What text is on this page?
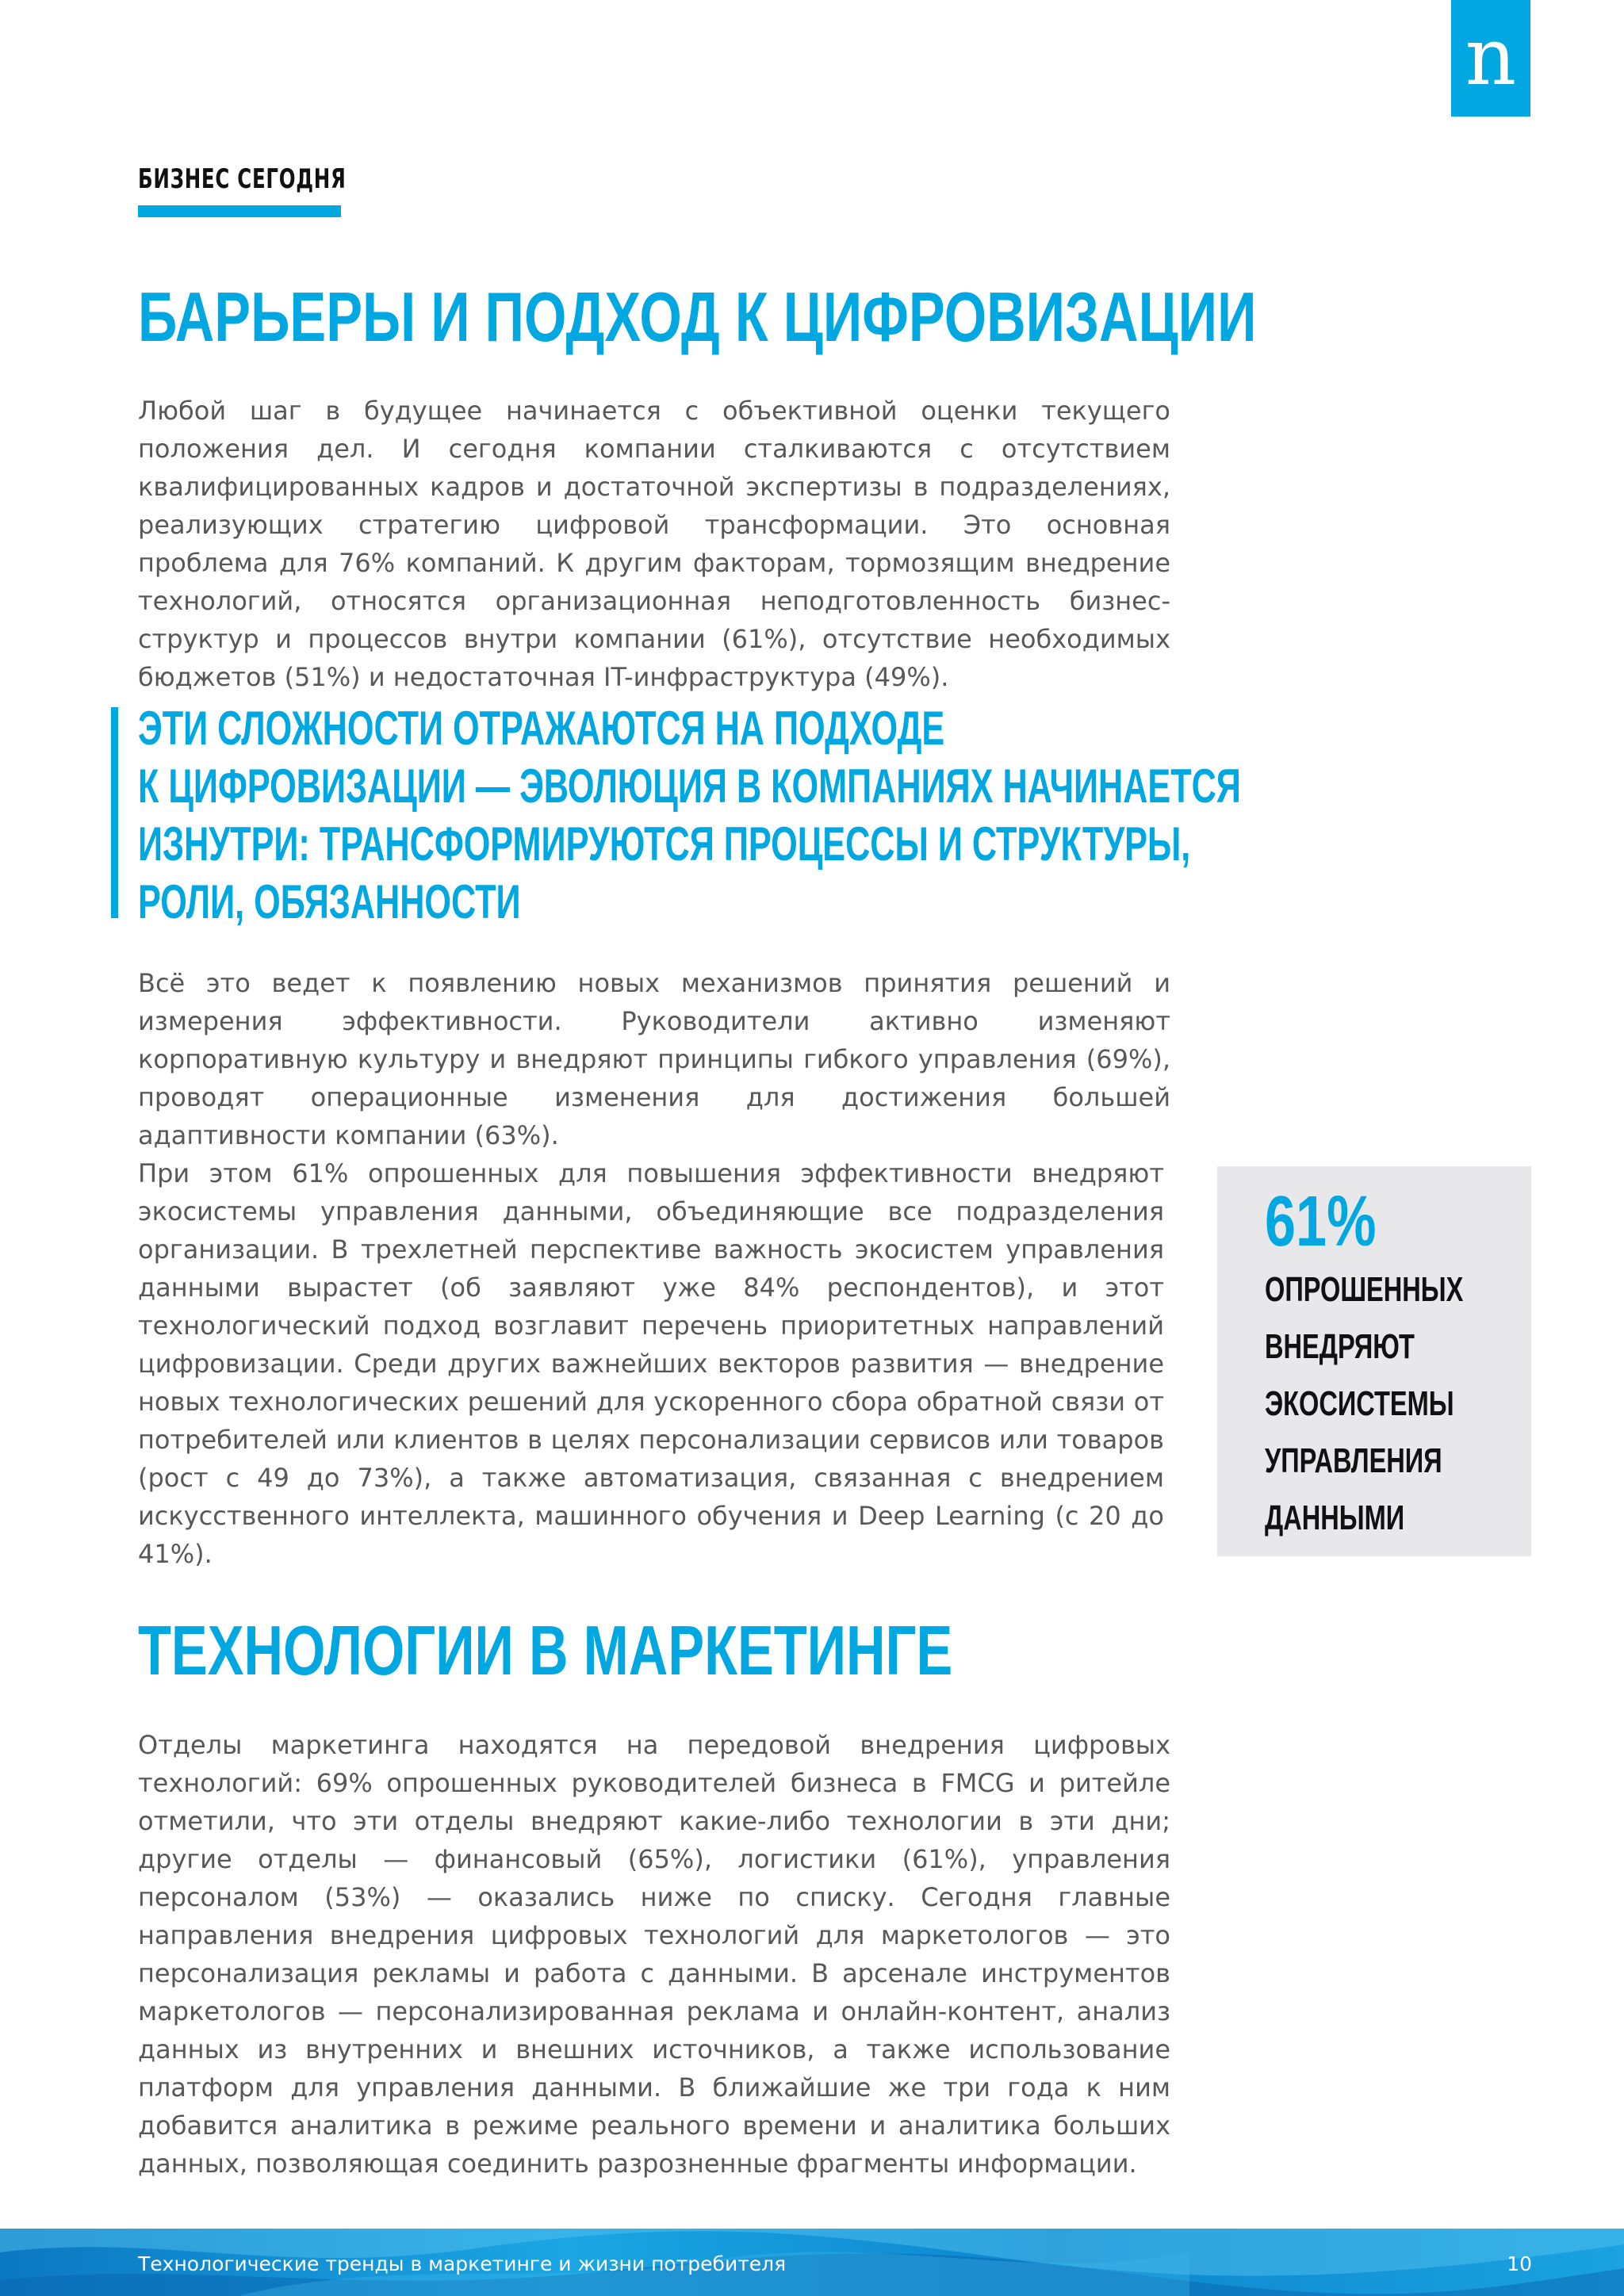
n
БИЗНЕС СЕГОДНЯ
БАРЬЕРЫ И ПОДХОД К ЦИФРОВИЗАЦИИ

Любой шаг в будущее начинается с объективной оценки текущего положения дел. И сегодня компании сталкиваются с отсутствием квалифицированных кадров и достаточной экспертизы в подразделениях, реализующих стратегию цифровой трансформации. Это основная проблема для 76% компаний. К другим факторам, тормозящим внедрение технологий, относятся организационная неподготовленность бизнес-структур и процессов внутри компании (61%), отсутствие необходимых бюджетов (51%) и недостаточная IT-инфраструктура (49%).

ЭТИ СЛОЖНОСТИ ОТРАЖАЮТСЯ НА ПОДХОДЕ
К ЦИФРОВИЗАЦИИ — ЭВОЛЮЦИЯ В КОМПАНИЯХ НАЧИНАЕТСЯ
ИЗНУТРИ: ТРАНСФОРМИРУЮТСЯ ПРОЦЕССЫ И СТРУКТУРЫ,
РОЛИ, ОБЯЗАННОСТИ

Всё это ведет к появлению новых механизмов принятия решений и измерения эффективности. Руководители активно изменяют корпоративную культуру и внедряют принципы гибкого управления (69%), проводят операционные изменения для достижения большей адаптивности компании (63%).

При этом 61% опрошенных для повышения эффективности внедряют экосистемы управления данными, объединяющие все подразделения организации. В трехлетней перспективе важность экосистем управления данными вырастет (об заявляют уже 84% респондентов), и этот технологический подход возглавит перечень приоритетных направлений цифровизации. Среди других важнейших векторов развития — внедрение новых технологических решений для ускоренного сбора обратной связи от потребителей или клиентов в целях персонализации сервисов или товаров (рост с 49 до 73%), а также автоматизация, связанная с внедрением искусственного интеллекта, машинного обучения и Deep Learning (с 20 до 41%).

61%
ОПРОШЕННЫХ
ВНЕДРЯЮТ
ЭКОСИСТЕМЫ
УПРАВЛЕНИЯ
ДАННЫМИ
ТЕХНОЛОГИИ В МАРКЕТИНГЕ

Отделы маркетинга находятся на передовой внедрения цифровых технологий: 69% опрошенных руководителей бизнеса в FMCG и ритейле отметили, что эти отделы внедряют какие-либо технологии в эти дни; другие отделы — финансовый (65%), логистики (61%), управления персоналом (53%) — оказались ниже по списку. Сегодня главные направления внедрения цифровых технологий для маркетологов — это персонализация рекламы и работа с данными. В арсенале инструментов маркетологов — персонализированная реклама и онлайн-контент, анализ данных из внутренних и внешних источников, а также использование платформ для управления данными. В ближайшие же три года к ним добавится аналитика в режиме реального времени и аналитика больших данных, позволяющая соединить разрозненные фрагменты информации.

Технологические тренды в маркетинге и жизни потребителя	10
